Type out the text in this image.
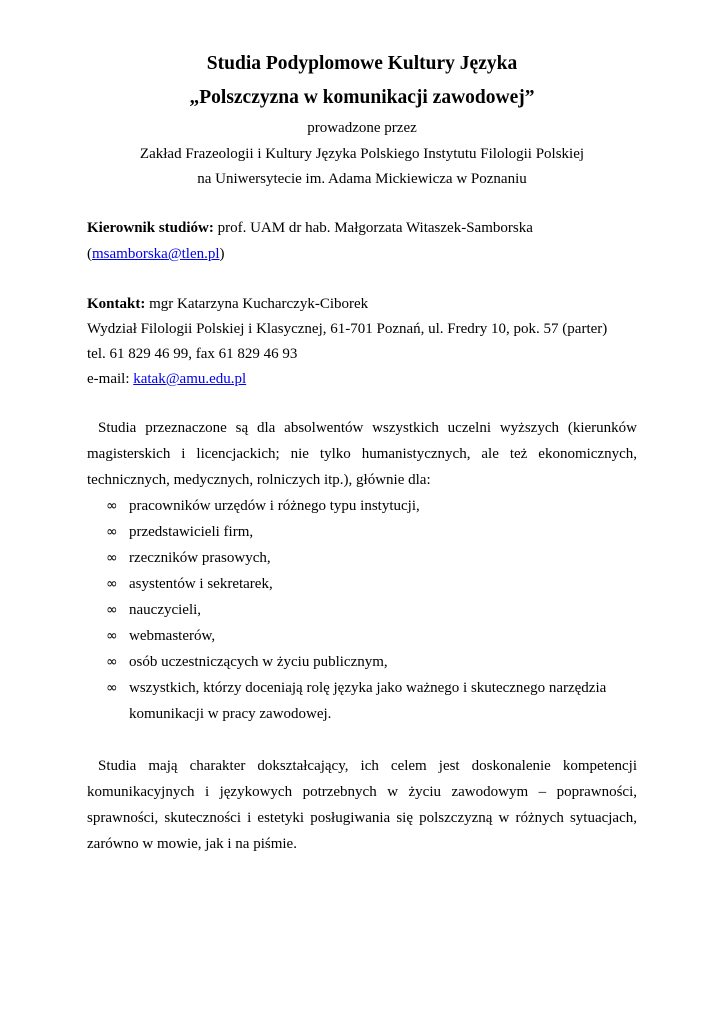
Studia Podyplomowe Kultury Języka
„Polszczyzna w komunikacji zawodowej”
prowadzone przez
Zakład Frazeologii i Kultury Języka Polskiego Instytutu Filologii Polskiej
na Uniwersytecie im. Adama Mickiewicza w Poznaniu
Kierownik studiów: prof. UAM dr hab. Małgorzata Witaszek-Samborska
(msamborska@tlen.pl)
Kontakt: mgr Katarzyna Kucharczyk-Ciborek
Wydział Filologii Polskiej i Klasycznej, 61-701 Poznań, ul. Fredry 10, pok. 57 (parter)
tel. 61 829 46 99, fax 61 829 46 93
e-mail: katak@amu.edu.pl
Studia przeznaczone są dla absolwentów wszystkich uczelni wyższych (kierunków
magisterskich i licencjackich; nie tylko humanistycznych, ale też ekonomicznych,
technicznych, medycznych, rolniczych itp.), głównie dla:
∞ pracowników urzędów i różnego typu instytucji,
∞ przedstawicieli firm,
∞ rzeczników prasowych,
∞ asystentów i sekretarek,
∞ nauczycieli,
∞ webmasterów,
∞ osób uczestniczących w życiu publicznym,
∞ wszystkich, którzy doceniają rolę języka jako ważnego i skutecznego narzędzia komunikacji w pracy zawodowej.
Studia mają charakter dokształcający, ich celem jest doskonalenie kompetencji
komunikacyjnych i językowych potrzebnych w życiu zawodowym – poprawności,
sprawności, skuteczności i estetyki posługiwania się polszczyzną w różnych sytuacjach,
zarówno w mowie, jak i na piśmie.
